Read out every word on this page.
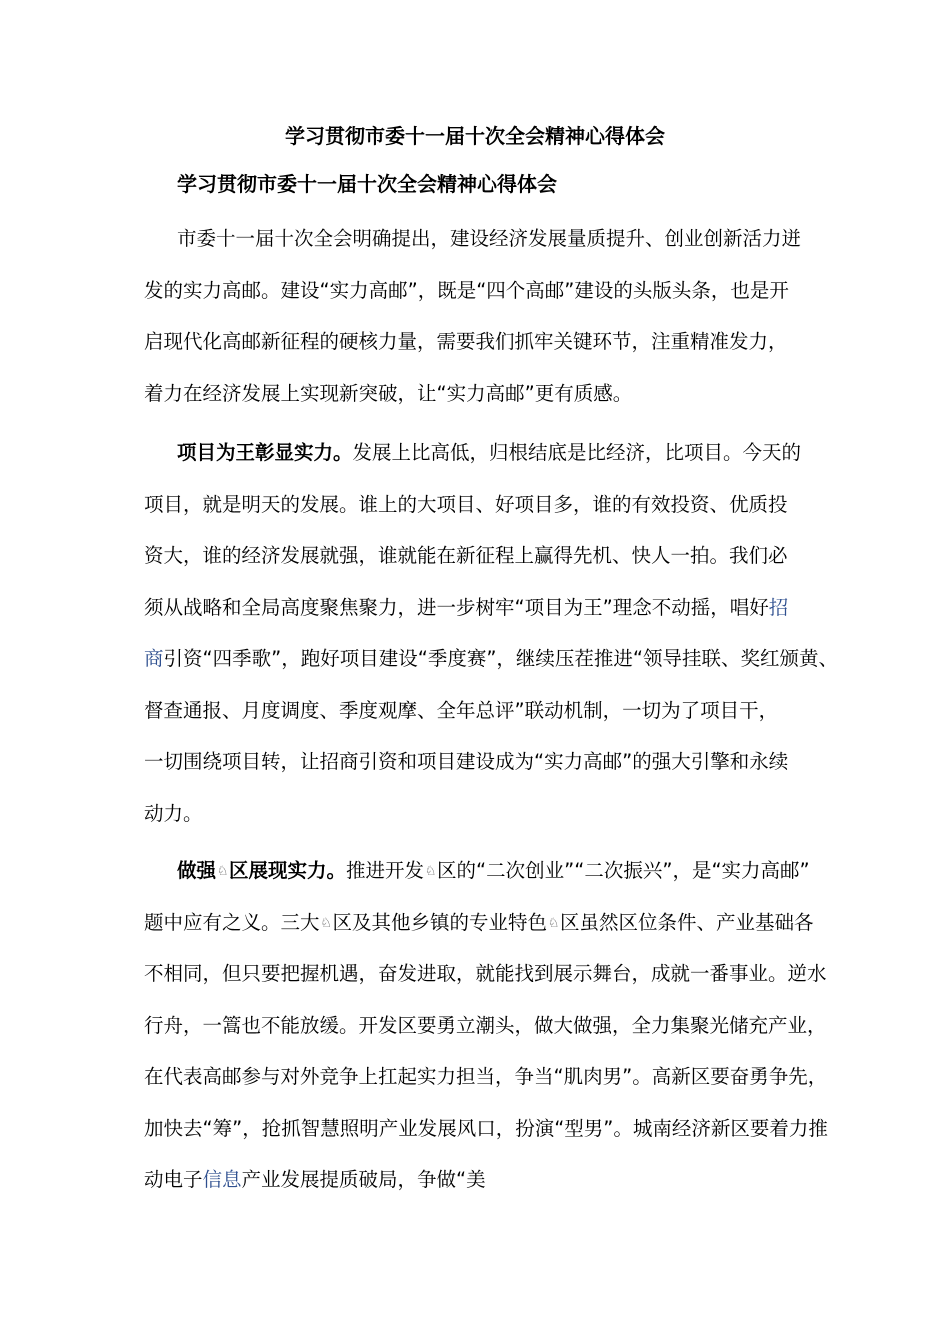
学习贯彻市委十一届十次全会精神心得体会
学习贯彻市委十一届十次全会精神心得体会
市委十一届十次全会明确提出，建设经济发展量质提升、创业创新活力迸
发的实力高邮。建设“实力高邮”，既是“四个高邮”建设的头版头条，也是开
启现代化高邮新征程的硬核力量，需要我们抓牢关键环节，注重精准发力，
着力在经济发展上实现新突破，让“实力高邮”更有质感。
项目为王彰显实力。发展上比高低，归根结底是比经济，比项目。今天的
项目，就是明天的发展。谁上的大项目、好项目多，谁的有效投资、优质投
资大，谁的经济发展就强，谁就能在新征程上赢得先机、快人一拍。我们必
须从战略和全局高度聚焦聚力，进一步树牢“项目为王”理念不动摇，唱好招
商引资“四季歌”，跑好项目建设“季度赛”，继续压茬推进“领导挂联、奖红颁黄、
督查通报、月度调度、季度观摩、全年总评”联动机制，一切为了项目干，
一切围绕项目转，让招商引资和项目建设成为“实力高邮”的强大引擎和永续
动力。
做强♘区展现实力。推进开发♘区的“二次创业”“二次振兴”，是“实力高邮”
题中应有之义。三大♘区及其他乡镇的专业特色♘区虽然区位条件、产业基础各
不相同，但只要把握机遇，奋发进取，就能找到展示舞台，成就一番事业。逆水
行舟，一篙也不能放缓。开发区要勇立潮头，做大做强，全力集聚光储充产业，
在代表高邮参与对外竞争上扛起实力担当，争当“肌肉男”。高新区要奋勇争先，
加快去“筹”，抢抓智慧照明产业发展风口，扮演“型男”。城南经济新区要着力推
动电子信息产业发展提质破局，争做“美
